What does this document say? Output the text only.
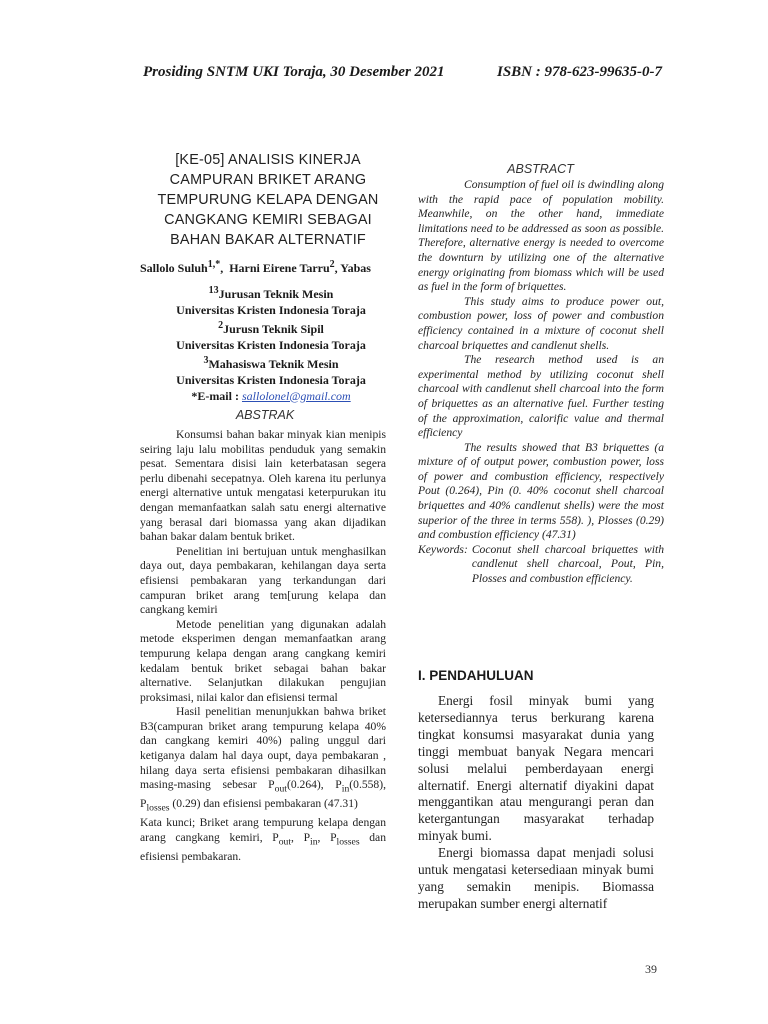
Prosiding SNTM UKI Toraja, 30 Desember 2021	ISBN : 978-623-99635-0-7
[KE-05] ANALISIS KINERJA
CAMPURAN BRIKET ARANG
TEMPURUNG KELAPA DENGAN
CANGKANG KEMIRI SEBAGAI
BAHAN BAKAR ALTERNATIF
Sallolo Suluh$^{1,*}$,  Harni Eirene Tarru$^2$, Yabas
$^{13}$Jurusan Teknik Mesin
Universitas Kristen Indonesia Toraja
$^2$Jurusn Teknik Sipil
Universitas Kristen Indonesia Toraja
$^3$Mahasiswa Teknik Mesin
Universitas Kristen Indonesia Toraja
*E-mail : sallolonel@gmail.com
ABSTRAK

Konsumsi bahan bakar minyak kian menipis seiring laju lalu mobilitas penduduk yang semakin pesat. Sementara disisi lain keterbatasan segera perlu dibenahi secepatnya. Oleh karena itu perlunya energi alternative untuk mengatasi keterpurukan itu dengan memanfaatkan salah satu energi alternative yang berasal dari biomassa yang akan dijadikan bahan bakar dalam bentuk briket.

Penelitian ini bertujuan untuk menghasilkan daya out, daya pembakaran, kehilangan daya serta efisiensi pembakaran yang terkandungan dari campuran briket arang tem[urung kelapa dan cangkang kemiri

Metode penelitian yang digunakan adalah metode eksperimen dengan memanfaatkan arang tempurung kelapa dengan arang cangkang kemiri kedalam bentuk briket sebagai bahan bakar alternative. Selanjutkan dilakukan pengujian proksimasi, nilai kalor dan efisiensi termal

Hasil penelitian menunjukkan bahwa briket B3(campuran briket arang tempurung kelapa 40% dan cangkang kemiri 40%) paling unggul dari ketiganya dalam hal daya oupt, daya pembakaran , hilang daya serta efisiensi pembakaran dihasilkan masing-masing sebesar $P_{out}(0.264)$, $P_{in}(0.558)$, $P_{losses}$ (0.29) dan efisiensi pembakaran (47.31)

Kata kunci; Briket arang tempurung kelapa dengan arang cangkang kemiri, $P_{out}$, $P_{in}$, $P_{losses}$ dan efisiensi pembakaran.

ABSTRACT

Consumption of fuel oil is dwindling along with the rapid pace of population mobility. Meanwhile, on the other hand, immediate limitations need to be addressed as soon as possible. Therefore, alternative energy is needed to overcome the downturn by utilizing one of the alternative energy originating from biomass which will be used as fuel in the form of briquettes.

This study aims to produce power out, combustion power, loss of power and combustion efficiency contained in a mixture of coconut shell charcoal briquettes and candlenut shells.

The research method used is an experimental method by utilizing coconut shell charcoal with candlenut shell charcoal into the form of briquettes as an alternative fuel. Further testing of the approximation, calorific value and thermal efficiency

The results showed that B3 briquettes (a mixture of of output power, combustion power, loss of power and combustion efficiency, respectively Pout (0.264), Pin (0. 40% coconut shell charcoal briquettes and 40% candlenut shells) were the most superior of the three in terms 558). ), Plosses (0.29) and combustion efficiency (47.31)

Keywords: Coconut shell charcoal briquettes with candlenut shell charcoal, Pout, Pin, Plosses and combustion efficiency.
I. PENDAHULUAN

Energi fosil minyak bumi yang ketersediannya terus berkurang karena tingkat konsumsi masyarakat dunia yang tinggi membuat banyak Negara mencari solusi melalui pemberdayaan energi alternatif. Energi alternatif diyakini dapat menggantikan atau mengurangi peran dan ketergantungan masyarakat terhadap minyak bumi.

Energi biomassa dapat menjadi solusi untuk mengatasi ketersediaan minyak bumi yang semakin menipis. Biomassa merupakan sumber energi alternatif

39
